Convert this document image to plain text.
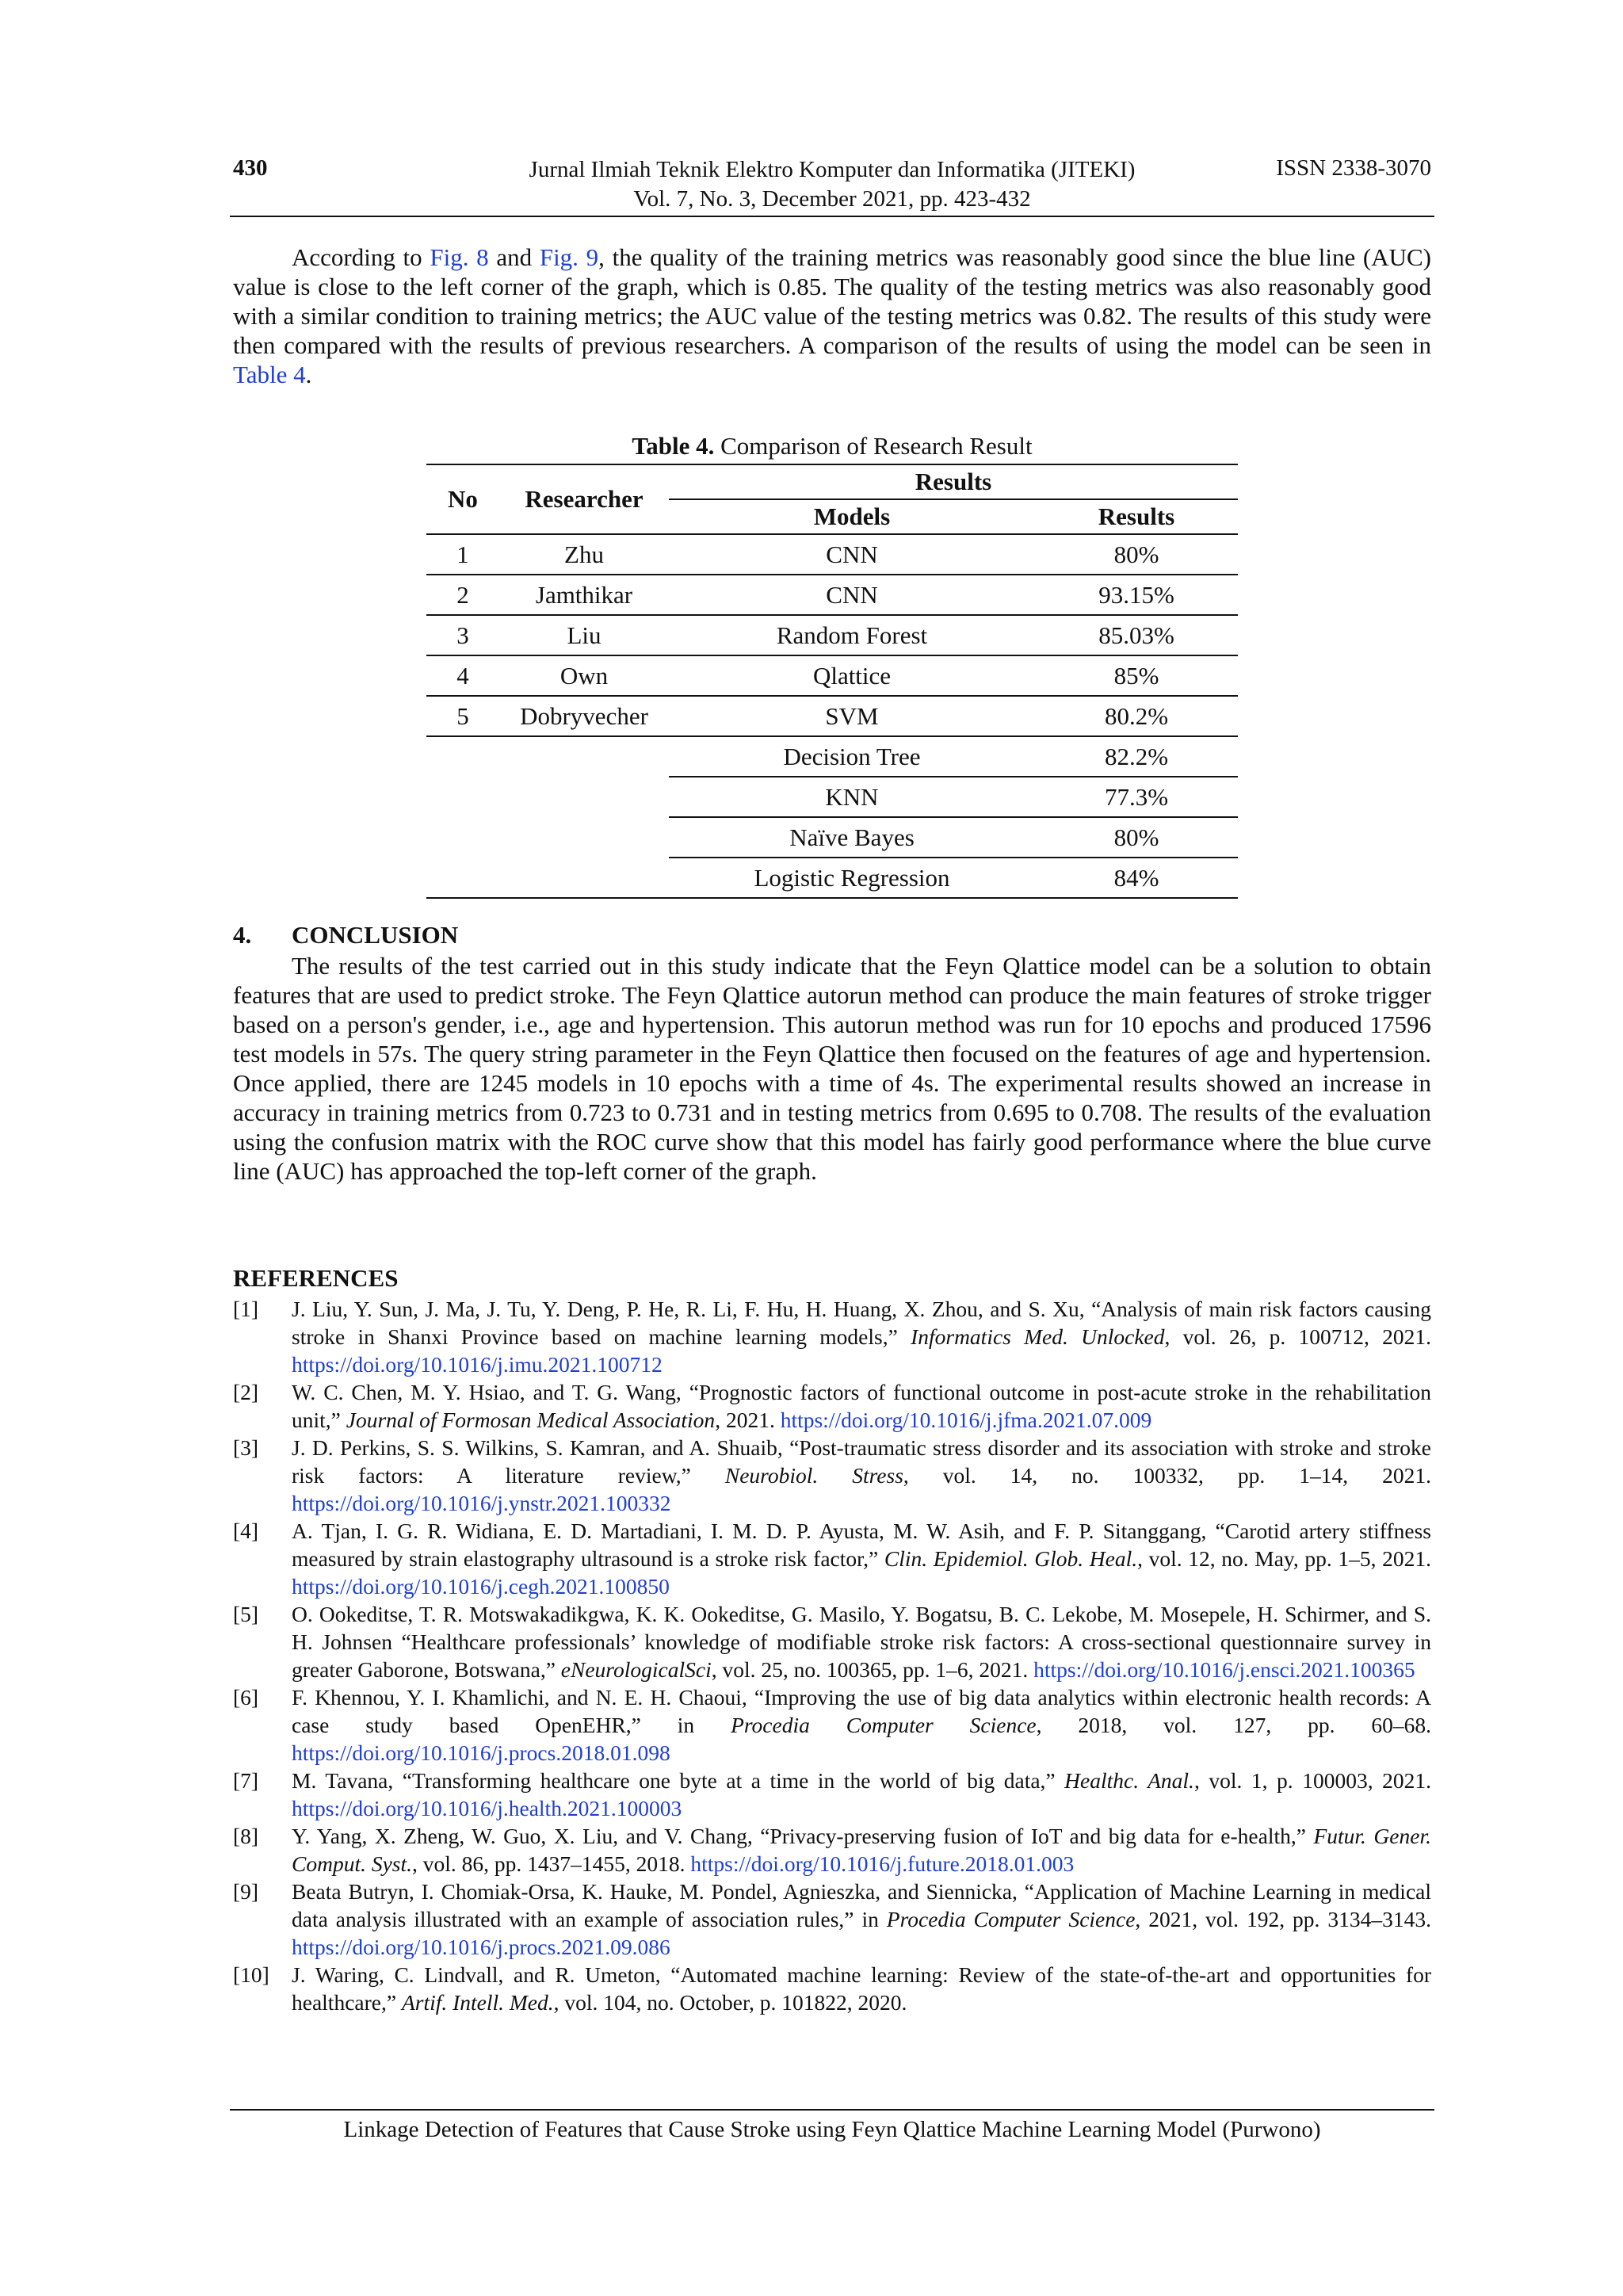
430	Jurnal Ilmiah Teknik Elektro Komputer dan Informatika (JITEKI)
Vol. 7, No. 3, December 2021, pp. 423-432
ISSN 2338-3070

According to Fig. 8 and Fig. 9, the quality of the training metrics was reasonably good since the blue line (AUC) value is close to the left corner of the graph, which is 0.85. The quality of the testing metrics was also reasonably good with a similar condition to training metrics; the AUC value of the testing metrics was 0.82. The results of this study were then compared with the results of previous researchers. A comparison of the results of using the model can be seen in Table 4.

Table 4. Comparison of Research Result
No	Researcher	Results	
		Models	Results
1	Zhu	CNN	80%
2	Jamthikar	CNN	93.15%
3	Liu	Random Forest	85.03%
4	Own	Qlattice	85%
5	Dobryvecher	SVM	80.2%
		Decision Tree	82.2%
		KNN	77.3%
		Naïve Bayes	80%
		Logistic Regression	84%
4. CONCLUSION

The results of the test carried out in this study indicate that the Feyn Qlattice model can be a solution to obtain features that are used to predict stroke. The Feyn Qlattice autorun method can produce the main features of stroke trigger based on a person's gender, i.e., age and hypertension. This autorun method was run for 10 epochs and produced 17596 test models in 57s. The query string parameter in the Feyn Qlattice then focused on the features of age and hypertension. Once applied, there are 1245 models in 10 epochs with a time of 4s. The experimental results showed an increase in accuracy in training metrics from 0.723 to 0.731 and in testing metrics from 0.695 to 0.708. The results of the evaluation using the confusion matrix with the ROC curve show that this model has fairly good performance where the blue curve line (AUC) has approached the top-left corner of the graph.

REFERENCES
[1] J. Liu, Y. Sun, J. Ma, J. Tu, Y. Deng, P. He, R. Li, F. Hu, H. Huang, X. Zhou, and S. Xu, “Analysis of main risk factors causing stroke in Shanxi Province based on machine learning models,” Informatics Med. Unlocked, vol. 26, p. 100712, 2021. https://doi.org/10.1016/j.imu.2021.100712
[2] W. C. Chen, M. Y. Hsiao, and T. G. Wang, “Prognostic factors of functional outcome in post-acute stroke in the rehabilitation unit,” Journal of Formosan Medical Association, 2021. https://doi.org/10.1016/j.jfma.2021.07.009
[3] J. D. Perkins, S. S. Wilkins, S. Kamran, and A. Shuaib, “Post-traumatic stress disorder and its association with stroke and stroke risk factors: A literature review,” Neurobiol. Stress, vol. 14, no. 100332, pp. 1–14, 2021. https://doi.org/10.1016/j.ynstr.2021.100332
[4] A. Tjan, I. G. R. Widiana, E. D. Martadiani, I. M. D. P. Ayusta, M. W. Asih, and F. P. Sitanggang, “Carotid artery stiffness measured by strain elastography ultrasound is a stroke risk factor,” Clin. Epidemiol. Glob. Heal., vol. 12, no. May, pp. 1–5, 2021. https://doi.org/10.1016/j.cegh.2021.100850
[5] O. Ookeditse, T. R. Motswakadikgwa, K. K. Ookeditse, G. Masilo, Y. Bogatsu, B. C. Lekobe, M. Mosepele, H. Schirmer, and S. H. Johnsen “Healthcare professionals’ knowledge of modifiable stroke risk factors: A cross-sectional questionnaire survey in greater Gaborone, Botswana,” eNeurologicalSci, vol. 25, no. 100365, pp. 1–6, 2021. https://doi.org/10.1016/j.ensci.2021.100365
[6] F. Khennou, Y. I. Khamlichi, and N. E. H. Chaoui, “Improving the use of big data analytics within electronic health records: A case study based OpenEHR,” in Procedia Computer Science, 2018, vol. 127, pp. 60–68. https://doi.org/10.1016/j.procs.2018.01.098
[7] M. Tavana, “Transforming healthcare one byte at a time in the world of big data,” Healthc. Anal., vol. 1, p. 100003, 2021. https://doi.org/10.1016/j.health.2021.100003
[8] Y. Yang, X. Zheng, W. Guo, X. Liu, and V. Chang, “Privacy-preserving fusion of IoT and big data for e-health,” Futur. Gener. Comput. Syst., vol. 86, pp. 1437–1455, 2018. https://doi.org/10.1016/j.future.2018.01.003
[9] Beata Butryn, I. Chomiak-Orsa, K. Hauke, M. Pondel, Agnieszka, and Siennicka, “Application of Machine Learning in medical data analysis illustrated with an example of association rules,” in Procedia Computer Science, 2021, vol. 192, pp. 3134–3143. https://doi.org/10.1016/j.procs.2021.09.086
[10] J. Waring, C. Lindvall, and R. Umeton, “Automated machine learning: Review of the state-of-the-art and opportunities for healthcare,” Artif. Intell. Med., vol. 104, no. October, p. 101822, 2020.
Linkage Detection of Features that Cause Stroke using Feyn Qlattice Machine Learning Model (Purwono)
